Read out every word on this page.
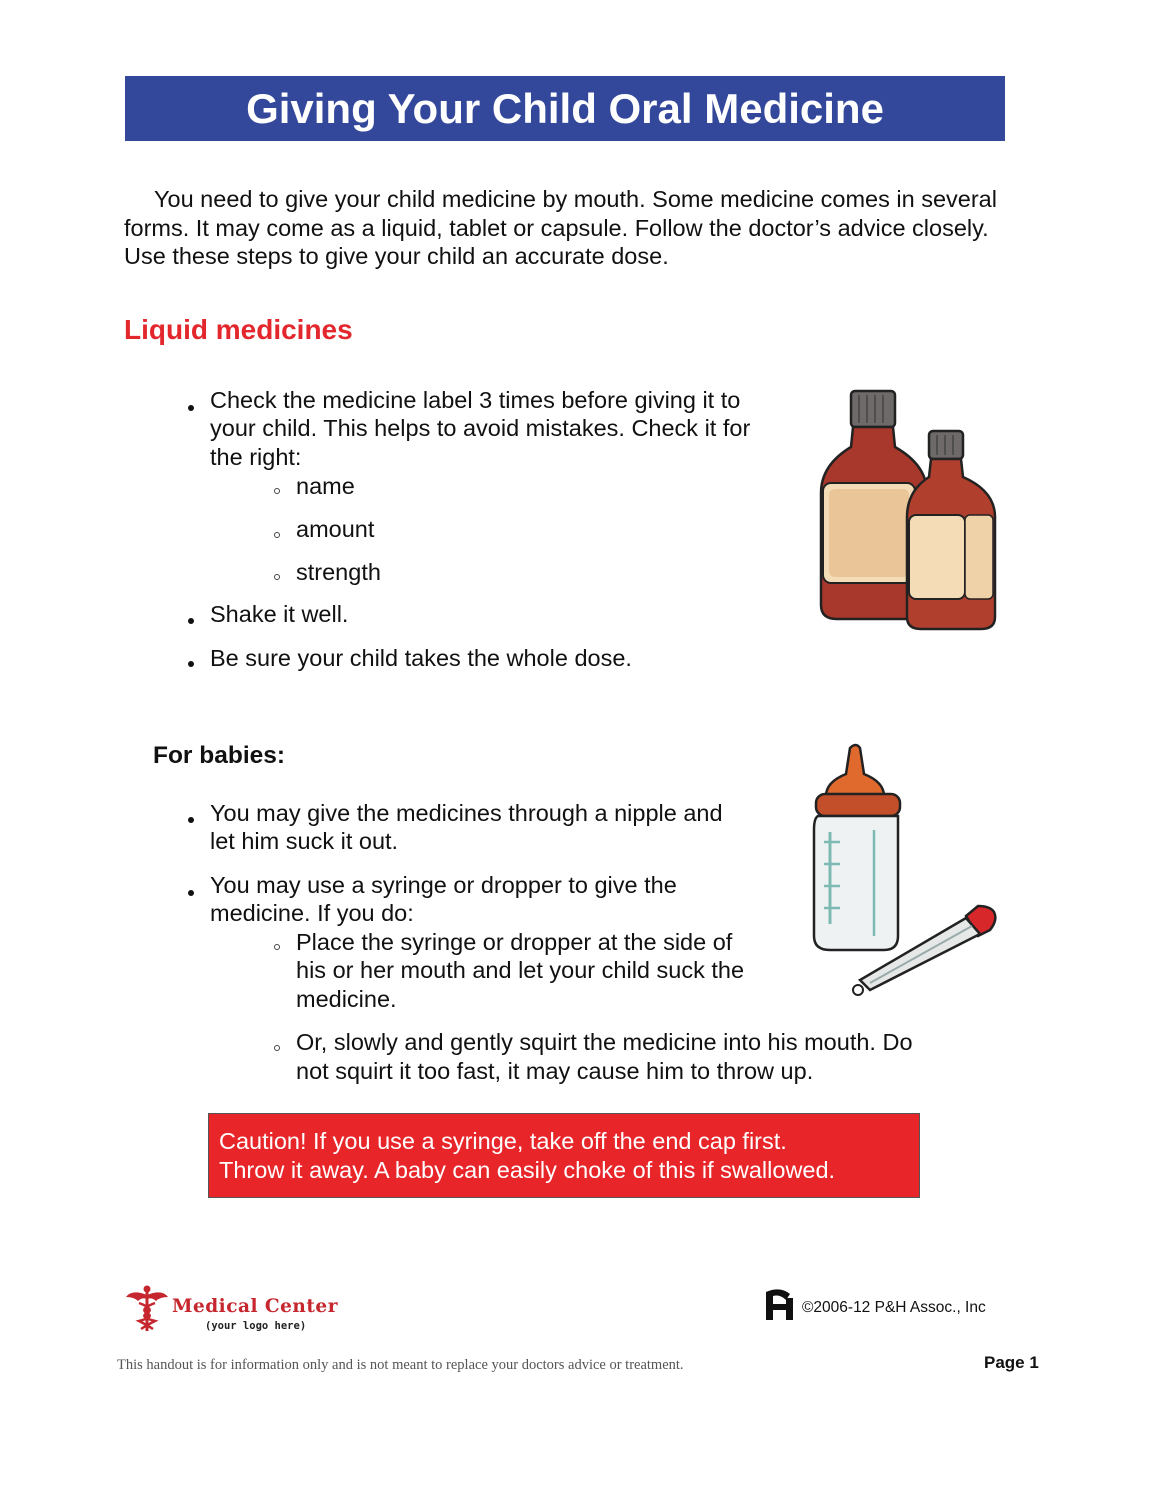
Giving Your Child Oral Medicine

You need to give your child medicine by mouth. Some medicine comes in several forms. It may come as a liquid, tablet or capsule. Follow the doctor’s advice closely. Use these steps to give your child an accurate dose.

Liquid medicines
Check the medicine label 3 times before giving it to
your child. This helps to avoid mistakes. Check it for
the right:
name
amount
strength
Shake it well.
Be sure your child takes the whole dose.
For babies:
You may give the medicines through a nipple and
let him suck it out.
You may use a syringe or dropper to give the
medicine. If you do:
Place the syringe or dropper at the side of
his or her mouth and let your child suck the
medicine.
Or, slowly and gently squirt the medicine into his mouth. Do
not squirt it too fast, it may cause him to throw up.
Caution! If you use a syringe, take off the end cap first.
Throw it away. A baby can easily choke of this if swallowed.
Medical Center
(your logo here)
©2006-12 P&H Assoc., Inc
This handout is for information only and is not meant to replace your doctors advice or treatment.	Page 1
